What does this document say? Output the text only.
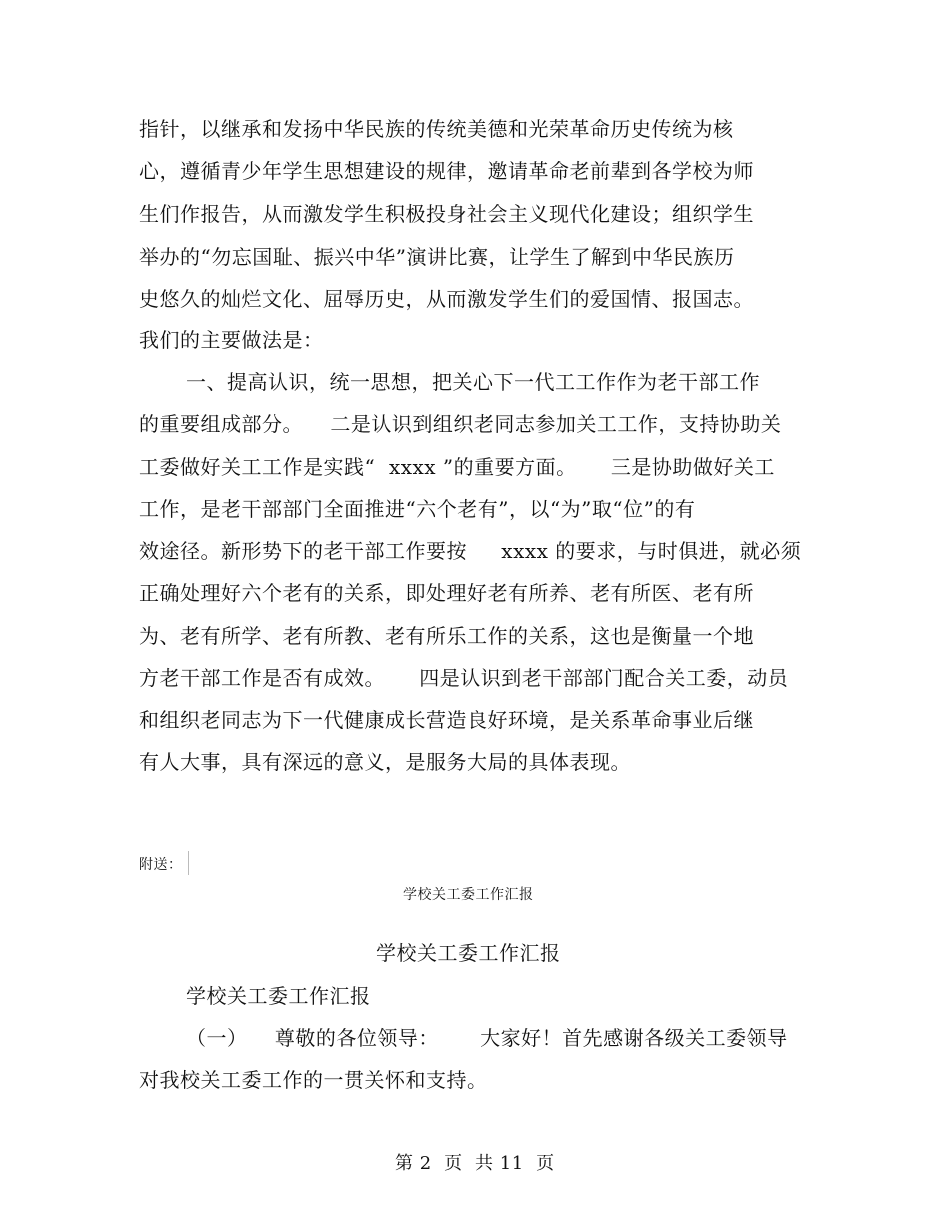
指针，以继承和发扬中华民族的传统美德和光荣革命历史传统为核
心，遵循青少年学生思想建设的规律，邀请革命老前辈到各学校为师
生们作报告，从而激发学生积极投身社会主义现代化建设；组织学生
举办的“勿忘国耻、振兴中华”演讲比赛，让学生了解到中华民族历
史悠久的灿烂文化、屈辱历史，从而激发学生们的爱国情、报国志。
我们的主要做法是：
一、提高认识，统一思想，把关心下一代工工作作为老干部工作
的重要组成部分。    二是认识到组织老同志参加关工工作，支持协助关
工委做好关工工作是实践“  xxxx ”的重要方面。     三是协助做好关工
工作，是老干部部门全面推进“六个老有”，以“为”取“位”的有
效途径。新形势下的老干部工作要按     xxxx 的要求，与时俱进，就必须
正确处理好六个老有的关系，即处理好老有所养、老有所医、老有所
为、老有所学、老有所教、老有所乐工作的关系，这也是衡量一个地
方老干部工作是否有成效。     四是认识到老干部部门配合关工委，动员
和组织老同志为下一代健康成长营造良好环境，是关系革命事业后继
有人大事，具有深远的意义，是服务大局的具体表现。
附送：
学校关工委工作汇报
学校关工委工作汇报
学校关工委工作汇报
（一）    尊敬的各位领导：      大家好！首先感谢各级关工委领导
对我校关工委工作的一贯关怀和支持。
第 2  页  共 11  页
